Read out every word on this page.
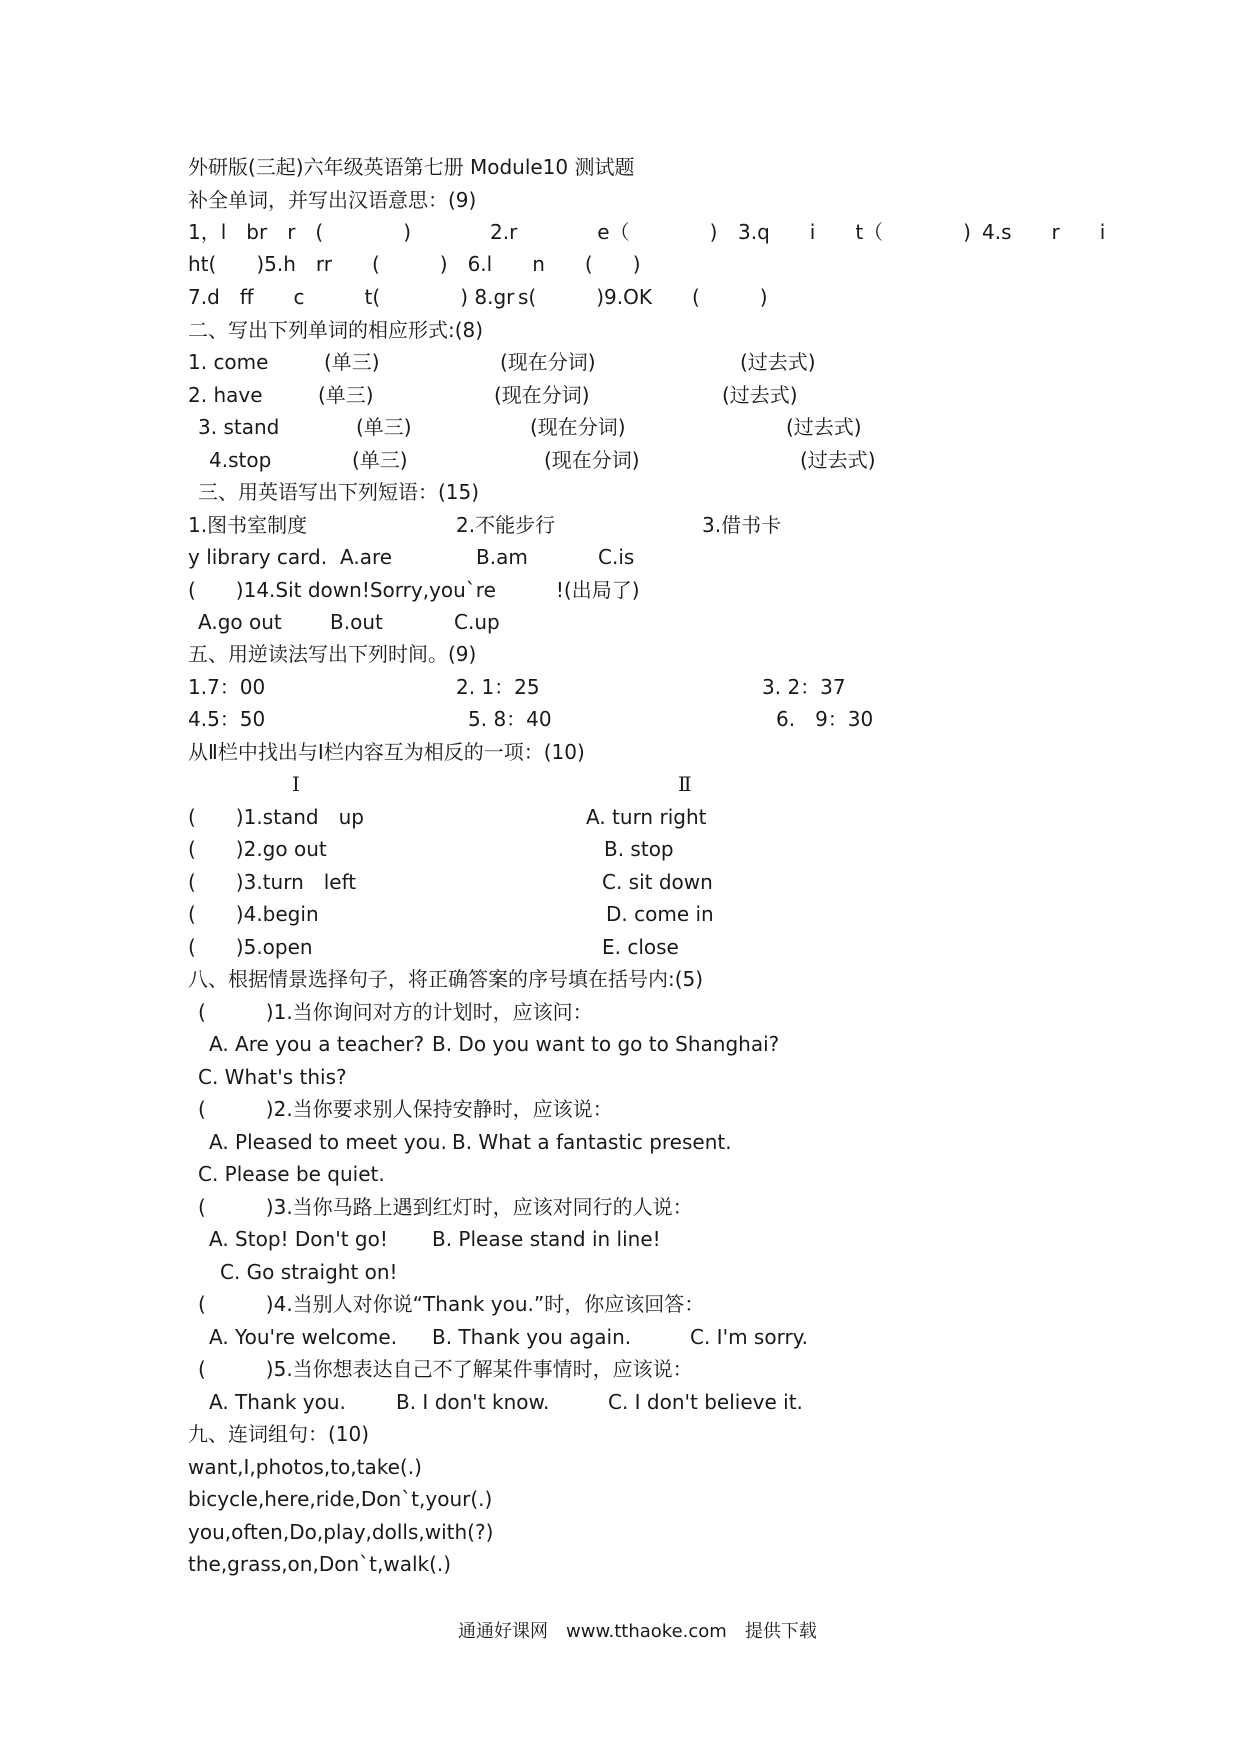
外研版(三起)六年级英语第七册 Module10 测试题
补全单词，并写出汉语意思：(9)
1，l　br　r　(　　　　)	2.r　　　　e（　　　　) 3.q　　i　　t（　　　　) 4.s　　r　　i
ht(　　)5.h　rr　　(　　　)　6.l　　n　　(　　)
7.d　ff　　c　　　t(　　　　) 8.gr s(　　　)9.OK　　(　　　)
二、写出下列单词的相应形式:(8)
1. come	(单三)	(现在分词)	(过去式)
2. have	(单三)	(现在分词)	(过去式)
3. stand	(单三)	(现在分词)	(过去式)
4.stop	(单三)	(现在分词)	(过去式)
三、用英语写出下列短语：(15)
1.图书室制度	2.不能步行	3.借书卡
y library card. A.are	B.am	C.is
(　　)14.Sit down!Sorry,you`re　　　!(出局了)
A.go out B.out	C.up
五、用逆读法写出下列时间。(9)
1.7：00	2. 1：25	3. 2：37
4.5：50	5. 8：40	6.　9：30
从Ⅱ栏中找出与Ⅰ栏内容互为相反的一项：(10)
Ⅰ	Ⅱ
(　　)1.stand　up	A. turn right
(　　)2.go out	B. stop
(　　)3.turn　left	C. sit down
(　　)4.begin	D. come in
(　　)5.open	E. close
八、根据情景选择句子，将正确答案的序号填在括号内:(5)
(　　　)1.当你询问对方的计划时，应该问：
A. Are you a teacher? B. Do you want to go to Shanghai?
C. What's this?
(　　　)2.当你要求别人保持安静时，应该说：
A. Pleased to meet you. B. What a fantastic present.
C. Please be quiet.
(　　　)3.当你马路上遇到红灯时，应该对同行的人说：
A. Stop! Don't go! B. Please stand in line!
C. Go straight on!
(　　　)4.当别人对你说“Thank you.”时，你应该回答：
A. You're welcome. B. Thank you again.	C. I'm sorry.
(　　　)5.当你想表达自己不了解某件事情时，应该说：
A. Thank you.	B. I don't know.	C. I don't believe it.
九、连词组句：(10)
want,I,photos,to,take(.)
bicycle,here,ride,Don`t,your(.)
you,often,Do,play,dolls,with(?)
the,grass,on,Don`t,walk(.)
通通好课网　www.tthaoke.com　提供下载
